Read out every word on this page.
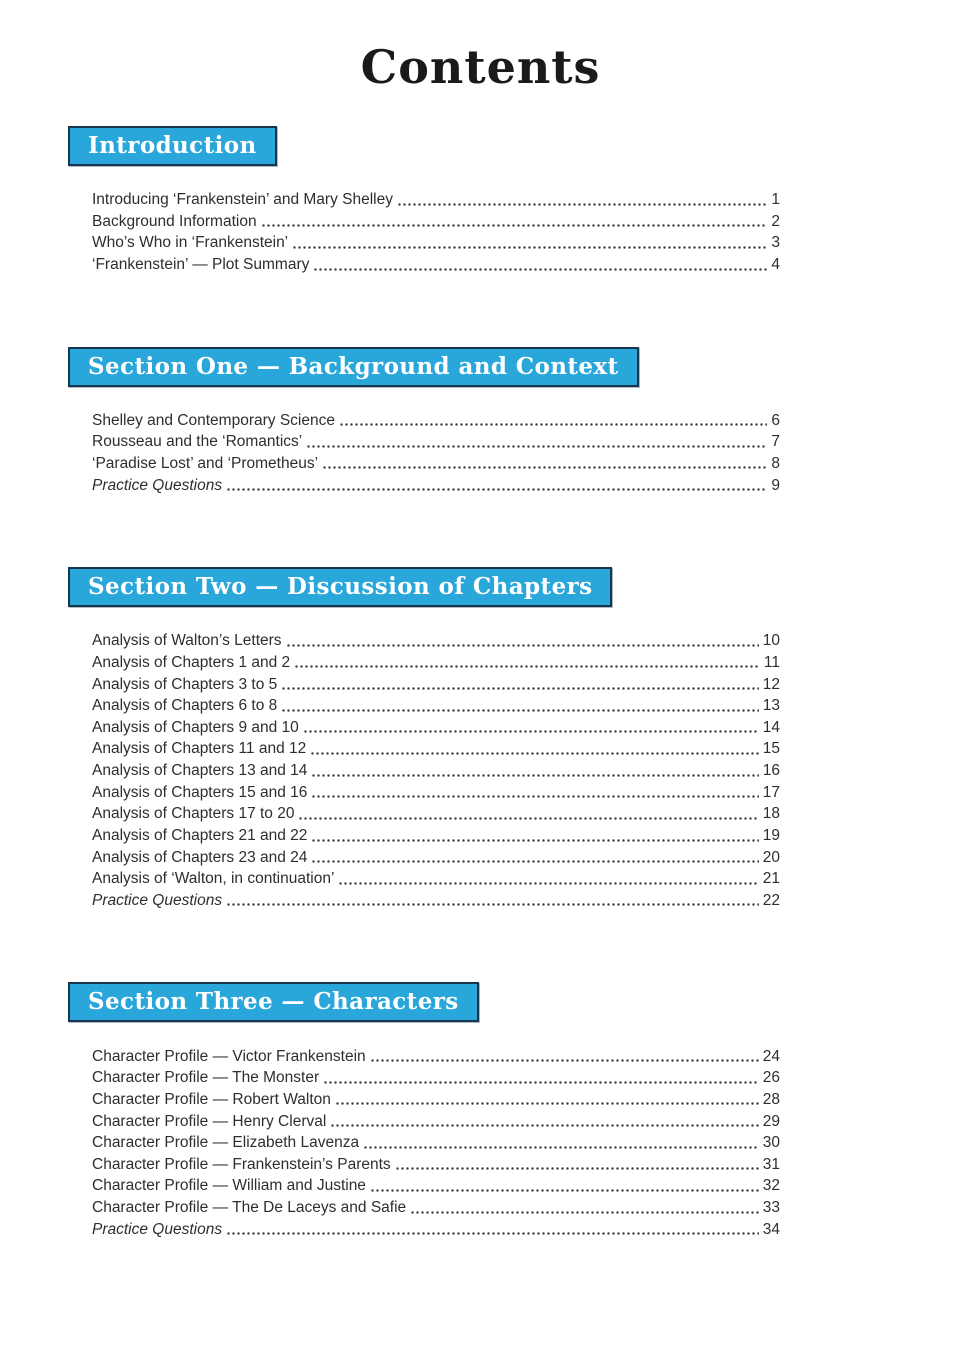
Contents
Introduction
Introducing ‘Frankenstein’ and Mary Shelley	1
Background Information	2
Who’s Who in ‘Frankenstein’	3
‘Frankenstein’ — Plot Summary	4
Section One — Background and Context
Shelley and Contemporary Science	6
Rousseau and the ‘Romantics’	7
‘Paradise Lost’ and ‘Prometheus’	8
Practice Questions	9
Section Two — Discussion of Chapters
Analysis of Walton’s Letters	10
Analysis of Chapters 1 and 2	11
Analysis of Chapters 3 to 5	12
Analysis of Chapters 6 to 8	13
Analysis of Chapters 9 and 10	14
Analysis of Chapters 11 and 12	15
Analysis of Chapters 13 and 14	16
Analysis of Chapters 15 and 16	17
Analysis of Chapters 17 to 20	18
Analysis of Chapters 21 and 22	19
Analysis of Chapters 23 and 24	20
Analysis of ‘Walton, in continuation’	21
Practice Questions	22
Section Three — Characters
Character Profile — Victor Frankenstein	24
Character Profile — The Monster	26
Character Profile — Robert Walton	28
Character Profile — Henry Clerval	29
Character Profile — Elizabeth Lavenza	30
Character Profile — Frankenstein’s Parents	31
Character Profile — William and Justine	32
Character Profile — The De Laceys and Safie	33
Practice Questions	34
